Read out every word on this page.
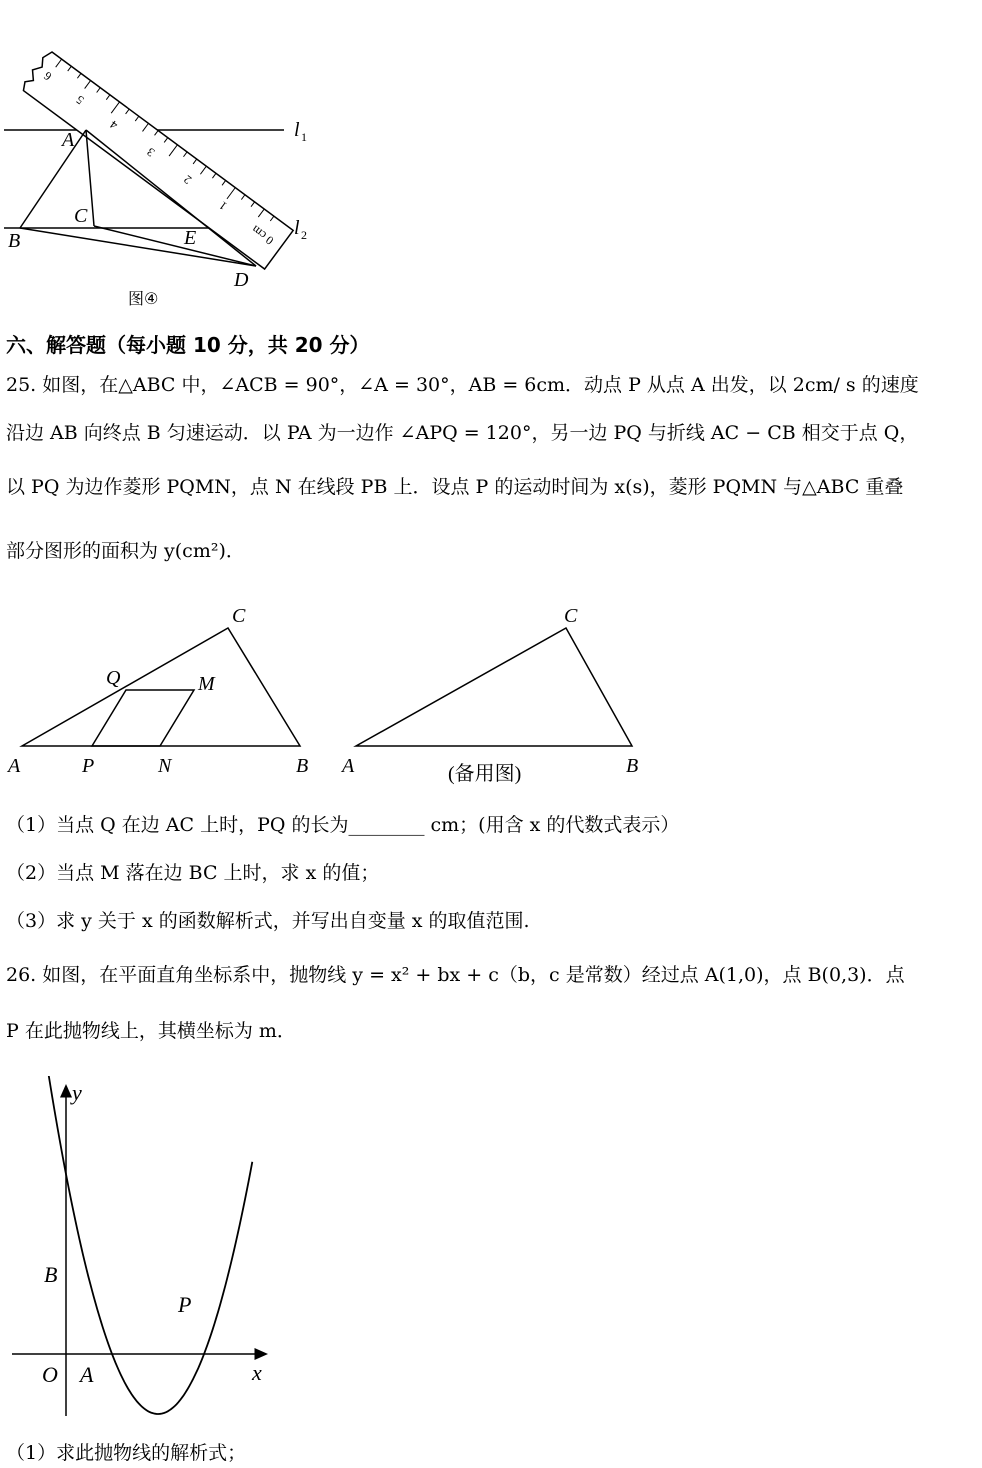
0 cm
1
2
3
4
5
6
A
B
C
D
E
l
l
1
2
图④
六、解答题（每小题 10 分，共 20 分）
25. 如图，在△ABC 中，∠ACB = 90°，∠A = 30°，AB = 6cm．动点 P 从点 A 出发，以 2cm/ s 的速度
沿边 AB 向终点 B 匀速运动．以 PA 为一边作 ∠APQ = 120°，另一边 PQ 与折线 AC − CB 相交于点 Q，
以 PQ 为边作菱形 PQMN，点 N 在线段 PB 上．设点 P 的运动时间为 x(s)，菱形 PQMN 与△ABC 重叠
部分图形的面积为 y(cm²)．
A	B
C
P
Q	M
N	A	B
C
(备用图)
（1）当点 Q 在边 AC 上时，PQ 的长为________ cm；(用含 x 的代数式表示）
（2）当点 M 落在边 BC 上时，求 x 的值；
（3）求 y 关于 x 的函数解析式，并写出自变量 x 的取值范围.
26. 如图，在平面直角坐标系中，抛物线 y = x² + bx + c（b，c 是常数）经过点 A(1,0)，点 B(0,3)．点
P 在此抛物线上，其横坐标为 m．
y
x
O A
B
P
（1）求此抛物线的解析式；
